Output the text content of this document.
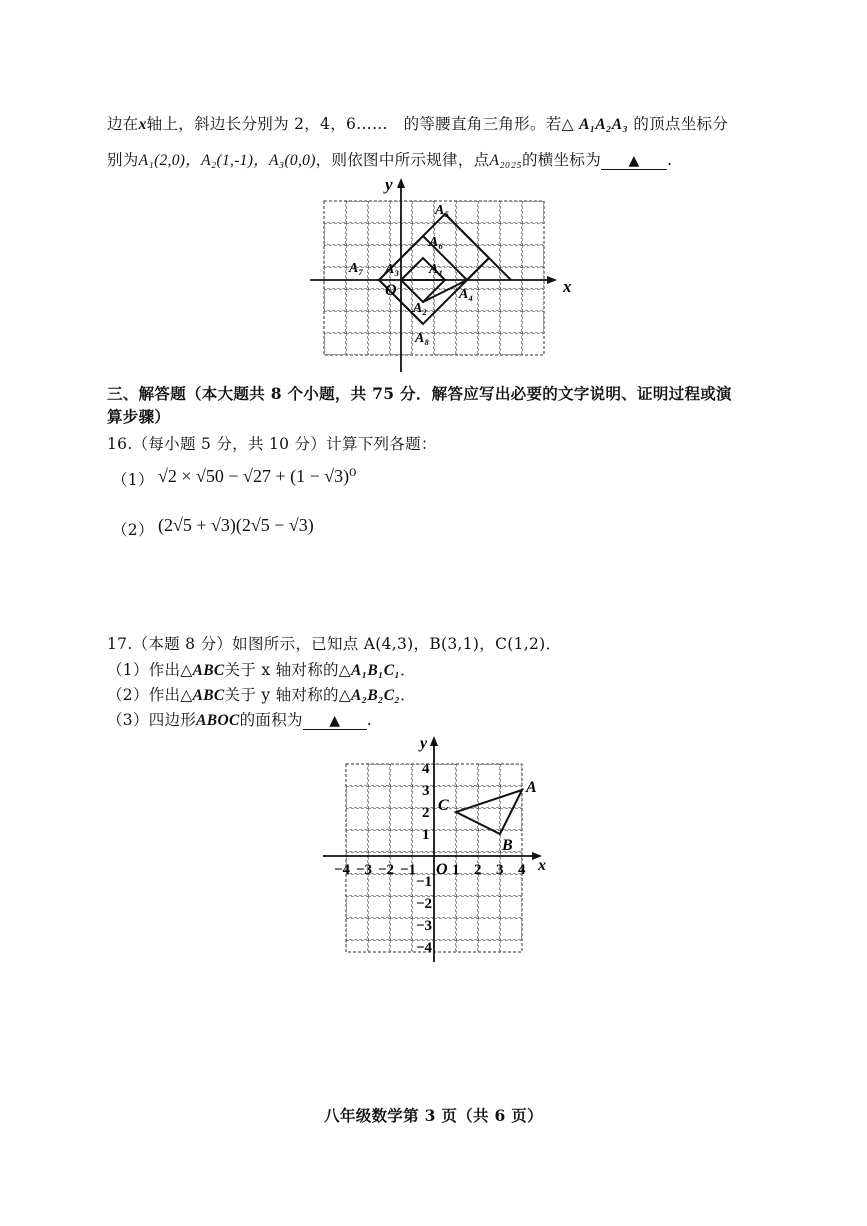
边在x轴上，斜边长分别为 2，4，6……　的等腰直角三角形。若△ A₁A₂A₃ 的顶点坐标分
别为A₁(2,0)，A₂(1,-1)，A₃(0,0)，则依图中所示规律，点A₂₀₂₅的横坐标为 ▲ .
x
y
O
A₅
A₆
A₇ A₃ A₁
A₂
A₄
A₈
三、解答题（本大题共 8 个小题，共 75 分．解答应写出必要的文字说明、证明过程或演
算步骤）
16.（每小题 5 分，共 10 分）计算下列各题：
（1） √2 × √50 − √27 + (1 − √3)⁰
（2） (2√5 + √3)(2√5 − √3)
17.（本题 8 分）如图所示，已知点 A(4,3)，B(3,1)，C(1,2)．
（1）作出△ABC关于 x 轴对称的△A₁B₁C₁．
（2）作出△ABC关于 y 轴对称的△A₂B₂C₂．
（3）四边形ABOC的面积为 ▲ .
x
y
O
A
B
C
−4 −3 −2 −1 1 2 3 4
4
3
2
1
−1
−2
−3
−4
八年级数学第 3 页（共 6 页）
